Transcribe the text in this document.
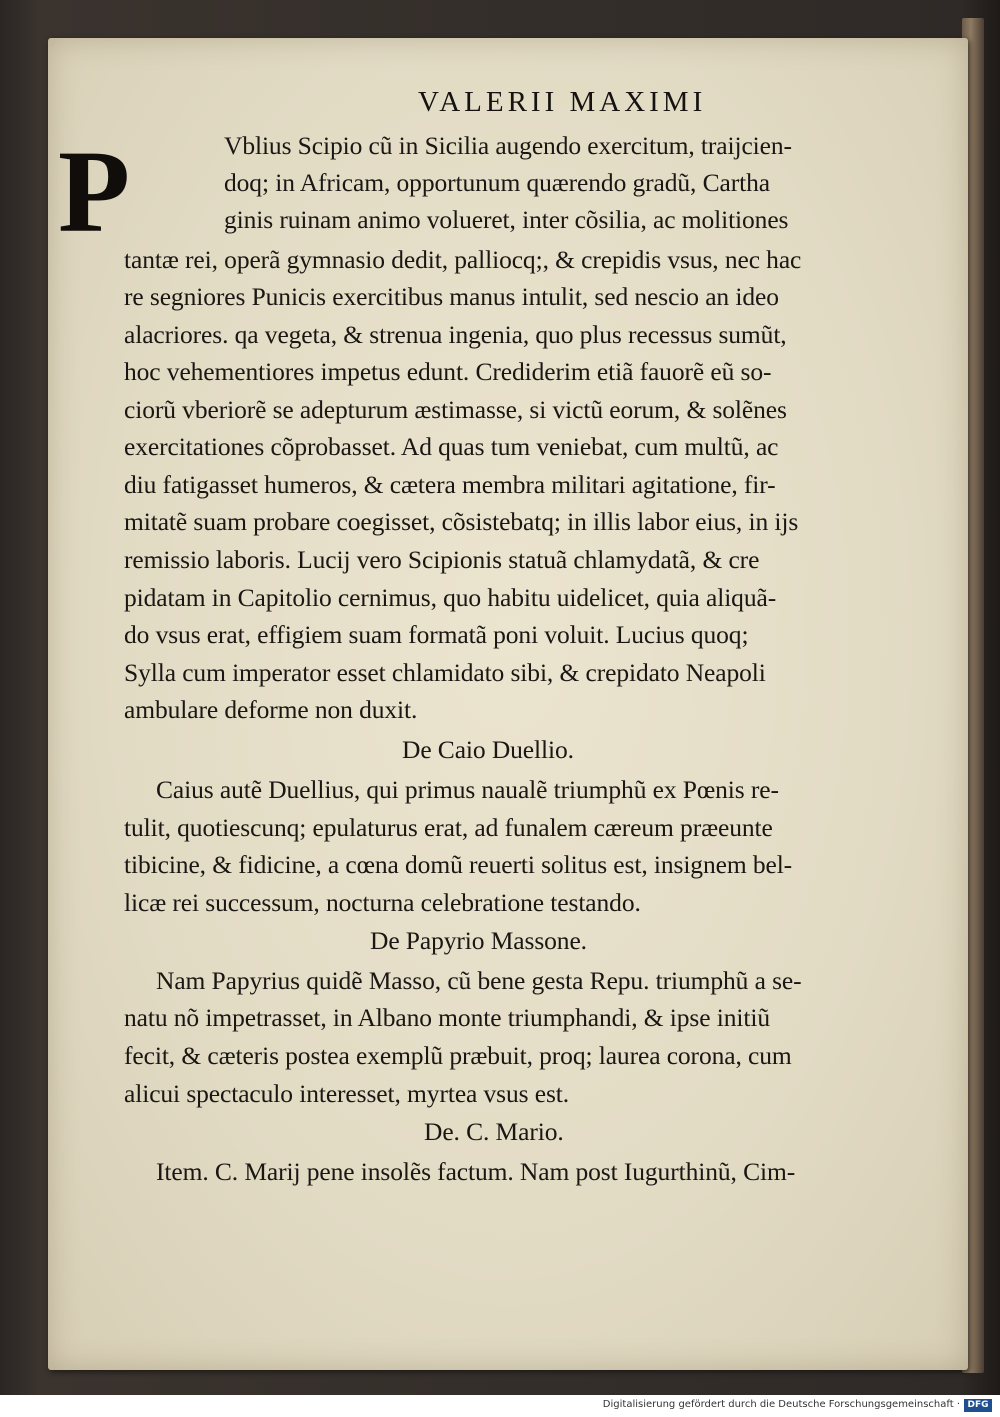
VALERII MAXIMI
P	Vblius Scipio cũ in Sicilia augendo exercitum, traijcien-
doq; in Africam, opportunum quærendo gradũ, Cartha
ginis ruinam animo volueret, inter cõsilia, ac molitiones
tantæ rei, operã gymnasio dedit, palliocq;, & crepidis vsus, nec hac
re segniores Punicis exercitibus manus intulit, sed nescio an ideo
alacriores. qa vegeta, & strenua ingenia, quo plus recessus sumũt,
hoc vehementiores impetus edunt. Crediderim etiã fauorẽ eũ so-
ciorũ vberiorẽ se adepturum æstimasse, si victũ eorum, & solẽnes
exercitationes cõprobasset. Ad quas tum veniebat, cum multũ, ac
diu fatigasset humeros, & cætera membra militari agitatione, fir-
mitatẽ suam probare coegisset, cõsistebatq; in illis labor eius, in ijs
remissio laboris. Lucij vero Scipionis statuã chlamydatã, & cre
pidatam in Capitolio cernimus, quo habitu uidelicet, quia aliquã-
do vsus erat, effigiem suam formatã poni voluit. Lucius quoq;
Sylla cum imperator esset chlamidato sibi, & crepidato Neapoli
ambulare deforme non duxit.
De Caio Duellio.
Caius autẽ Duellius, qui primus naualẽ triumphũ ex Pœnis re-
tulit, quotiescunq; epulaturus erat, ad funalem cæreum præeunte
tibicine, & fidicine, a cœna domũ reuerti solitus est, insignem bel-
licæ rei successum, nocturna celebratione testando.
De Papyrio Massone.
Nam Papyrius quidẽ Masso, cũ bene gesta Repu. triumphũ a se-
natu nõ impetrasset, in Albano monte triumphandi, & ipse initiũ
fecit, & cæteris postea exemplũ præbuit, proq; laurea corona, cum
alicui spectaculo interesset, myrtea vsus est.
De. C. Mario.
Item. C. Marij pene insolẽs factum. Nam post Iugurthinũ, Cim-
Digitalisierung gefördert durch die Deutsche Forschungsgemeinschaft · DFG
